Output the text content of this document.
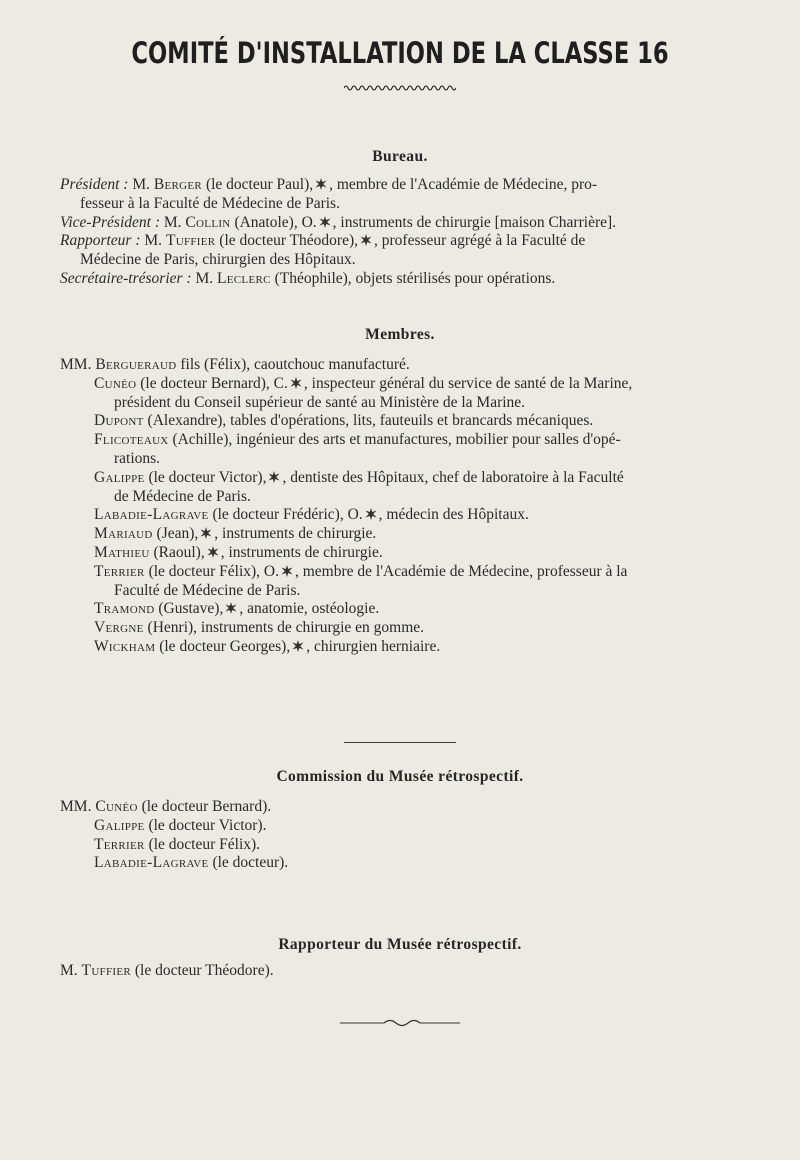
COMITÉ D'INSTALLATION DE LA CLASSE 16
Bureau.
Président : M. Berger (le docteur Paul), , membre de l'Académie de Médecine, pro-
fesseur à la Faculté de Médecine de Paris.
Vice-Président : M. Collin (Anatole), O. , instruments de chirurgie [maison Charrière].
Rapporteur : M. Tuffier (le docteur Théodore), , professeur agrégé à la Faculté de
Médecine de Paris, chirurgien des Hôpitaux.
Secrétaire-trésorier : M. Leclerc (Théophile), objets stérilisés pour opérations.
Membres.
MM. Bergueraud fils (Félix), caoutchouc manufacturé.
Cunéo (le docteur Bernard), C. , inspecteur général du service de santé de la Marine,
président du Conseil supérieur de santé au Ministère de la Marine.
Dupont (Alexandre), tables d'opérations, lits, fauteuils et brancards mécaniques.
Flicoteaux (Achille), ingénieur des arts et manufactures, mobilier pour salles d'opé-
rations.
Galippe (le docteur Victor), , dentiste des Hôpitaux, chef de laboratoire à la Faculté
de Médecine de Paris.
Labadie-Lagrave (le docteur Frédéric), O. , médecin des Hôpitaux.
Mariaud (Jean), , instruments de chirurgie.
Mathieu (Raoul), , instruments de chirurgie.
Terrier (le docteur Félix), O. , membre de l'Académie de Médecine, professeur à la
Faculté de Médecine de Paris.
Tramond (Gustave), , anatomie, ostéologie.
Vergne (Henri), instruments de chirurgie en gomme.
Wickham (le docteur Georges), , chirurgien herniaire.
Commission du Musée rétrospectif.
MM. Cunéo (le docteur Bernard).
Galippe (le docteur Victor).
Terrier (le docteur Félix).
Labadie-Lagrave (le docteur).
Rapporteur du Musée rétrospectif.
M. Tuffier (le docteur Théodore).
